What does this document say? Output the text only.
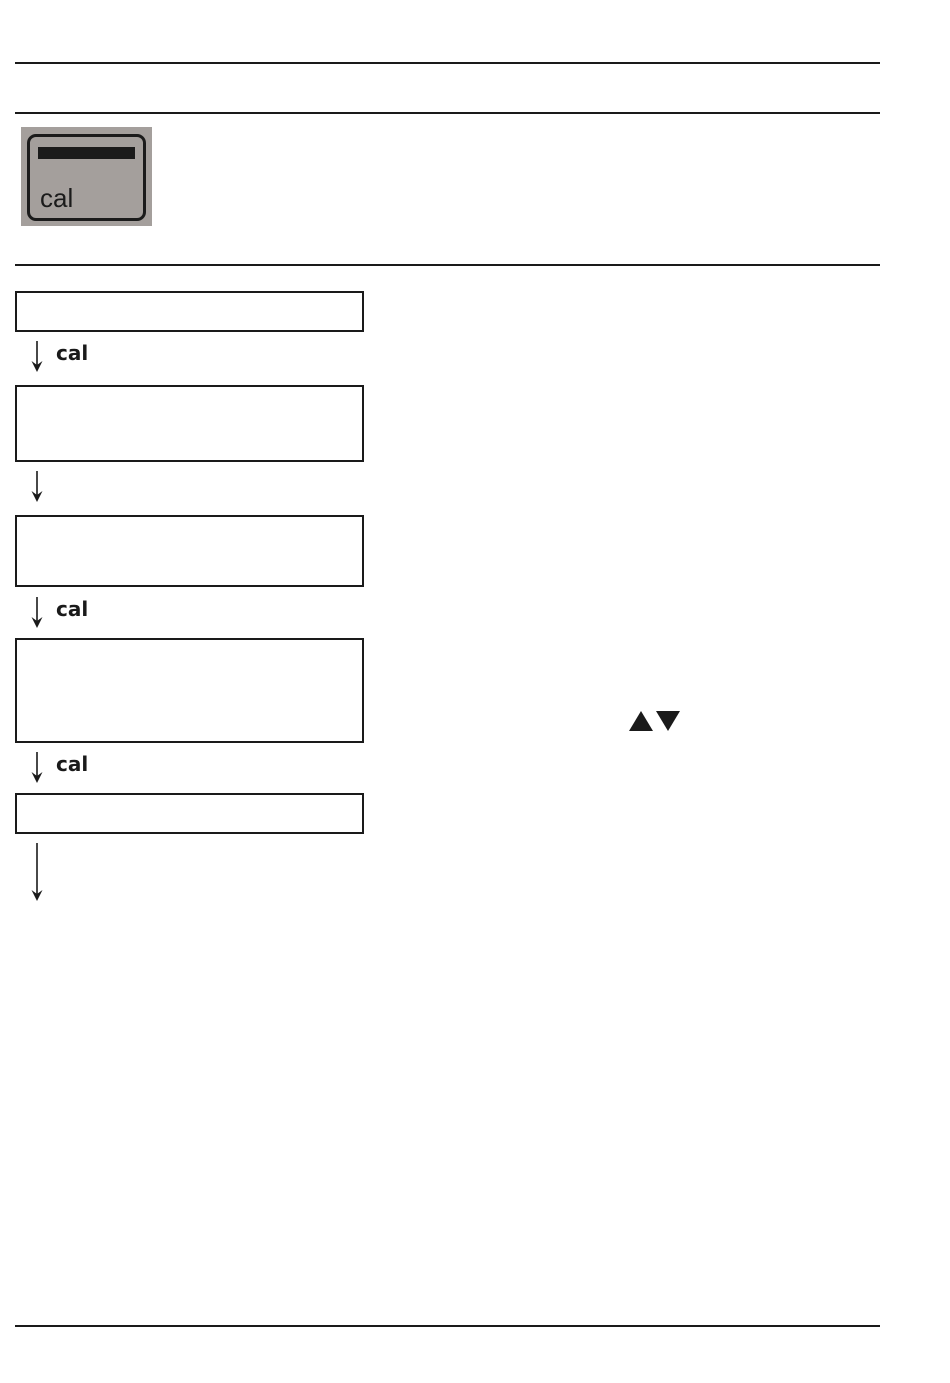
cal
cal
cal
cal
